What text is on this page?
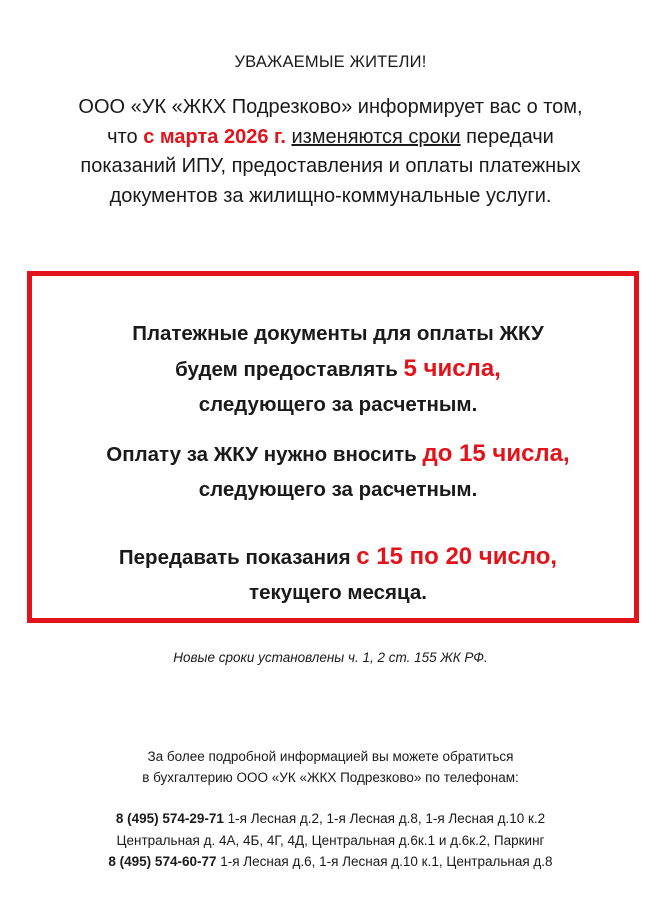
УВАЖАЕМЫЕ ЖИТЕЛИ!
ООО «УК «ЖКХ Подрезково» информирует вас о том,
что с марта 2026 г. изменяются сроки передачи
показаний ИПУ, предоставления и оплаты платежных
документов за жилищно-коммунальные услуги.
Платежные документы для оплаты ЖКУ
будем предоставлять 5 числа,
следующего за расчетным.
Оплату за ЖКУ нужно вносить до 15 числа,
следующего за расчетным.
Передавать показания с 15 по 20 число,
текущего месяца.
Новые сроки установлены ч. 1, 2 ст. 155 ЖК РФ.
За более подробной информацией вы можете обратиться
в бухгалтерию ООО «УК «ЖКХ Подрезково» по телефонам:
8 (495) 574-29-71 1-я Лесная д.2, 1-я Лесная д.8, 1-я Лесная д.10 к.2
Центральная д. 4А, 4Б, 4Г, 4Д, Центральная д.6к.1 и д.6к.2, Паркинг
8 (495) 574-60-77 1-я Лесная д.6, 1-я Лесная д.10 к.1, Центральная д.8
